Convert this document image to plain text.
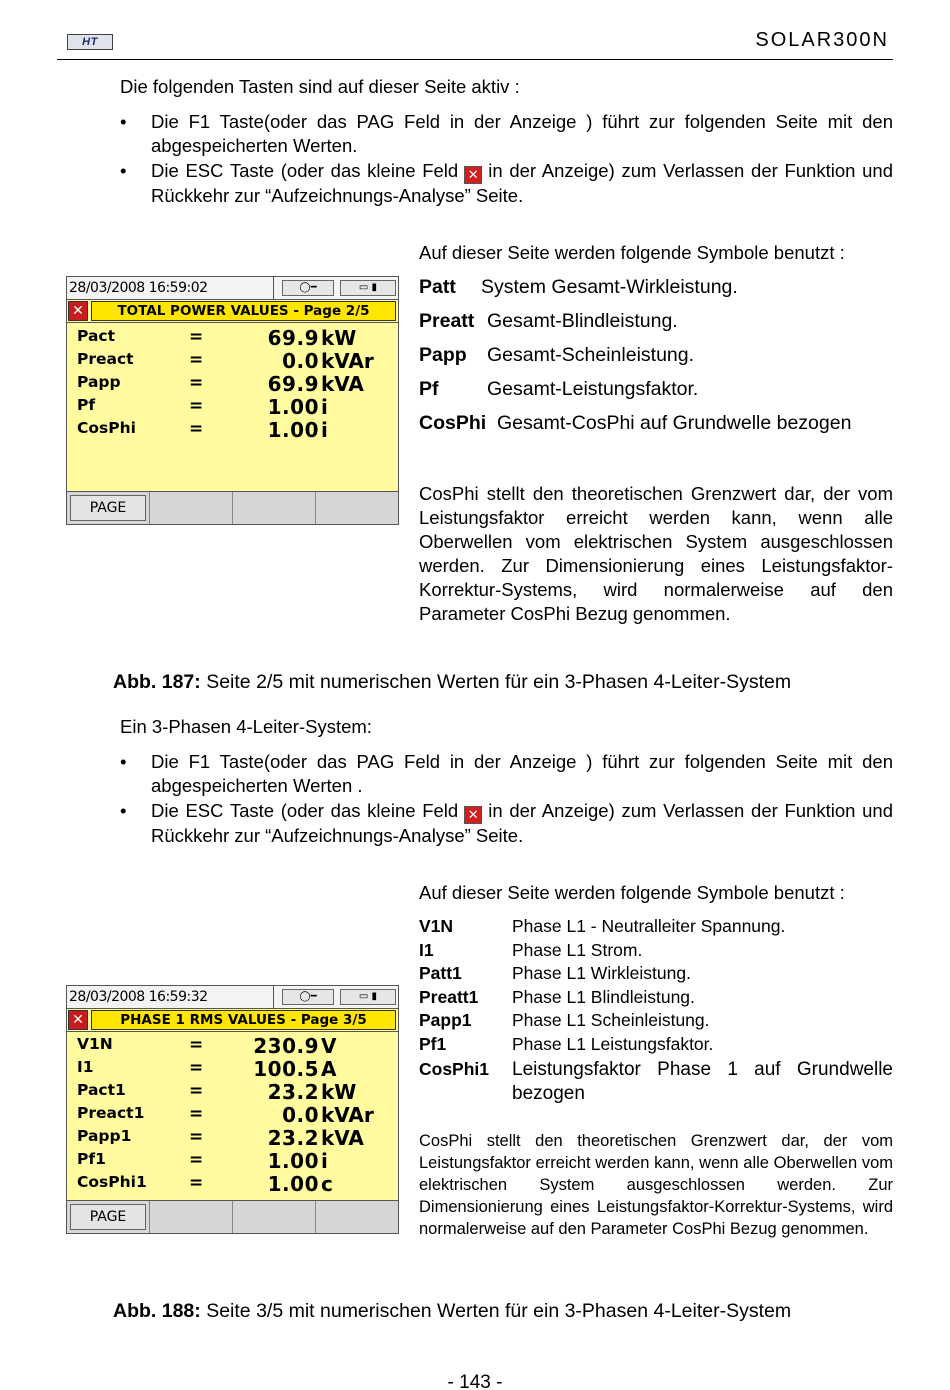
HT	SOLAR300N
Die folgenden Tasten sind auf dieser Seite aktiv :
• Die F1 Taste(oder das PAG Feld in der Anzeige ) führt zur folgenden Seite mit den abgespeicherten Werten.
• Die ESC Taste (oder das kleine Feld ✕ in der Anzeige) zum Verlassen der Funktion und Rückkehr zur “Aufzeichnungs-Analyse” Seite.
Auf dieser Seite werden folgende Symbole benutzt :
Patt	System Gesamt-Wirkleistung.
Preatt Gesamt-Blindleistung.
Papp	Gesamt-Scheinleistung.
Pf	Gesamt-Leistungsfaktor.
CosPhi Gesamt-CosPhi auf Grundwelle bezogen
CosPhi stellt den theoretischen Grenzwert dar, der vom Leistungsfaktor erreicht werden kann, wenn alle Oberwellen vom elektrischen System ausgeschlossen werden. Zur Dimensionierung eines Leistungsfaktor- Korrektur-Systems, wird normalerweise auf den Parameter CosPhi Bezug genommen.
28/03/2008 16:59:02	◯━	▭ ▮
✕	TOTAL POWER VALUES - Page 2/5
Pact	=	69.9 kW
Preact	=	0.0 kVAr
Papp	=	69.9 kVA
Pf	=	1.00 i
CosPhi	=	1.00 i
PAGE
Abb. 187: Seite 2/5 mit numerischen Werten für ein 3-Phasen 4-Leiter-System
Ein 3-Phasen 4-Leiter-System:
• Die F1 Taste(oder das PAG Feld in der Anzeige ) führt zur folgenden Seite mit den abgespeicherten Werten .
• Die ESC Taste (oder das kleine Feld ✕ in der Anzeige) zum Verlassen der Funktion und Rückkehr zur “Aufzeichnungs-Analyse” Seite.
Auf dieser Seite werden folgende Symbole benutzt :
V1N	Phase L1 - Neutralleiter Spannung.
I1	Phase L1 Strom.
Patt1	Phase L1 Wirkleistung.
Preatt1	Phase L1 Blindleistung.
Papp1	Phase L1 Scheinleistung.
Pf1	Phase L1 Leistungsfaktor.
CosPhi1	Leistungsfaktor Phase 1 auf Grundwelle bezogen
CosPhi stellt den theoretischen Grenzwert dar, der vom Leistungsfaktor erreicht werden kann, wenn alle Oberwellen vom elektrischen System ausgeschlossen werden. Zur Dimensionierung eines Leistungsfaktor-Korrektur-Systems, wird normalerweise auf den Parameter CosPhi Bezug genommen.
28/03/2008 16:59:32	◯━	▭ ▮
✕	PHASE 1 RMS VALUES - Page 3/5
V1N	=	230.9 V
I1	=	100.5 A
Pact1	=	23.2 kW
Preact1	=	0.0 kVAr
Papp1	=	23.2 kVA
Pf1	=	1.00 i
CosPhi1 =	1.00 c
PAGE
Abb. 188: Seite 3/5 mit numerischen Werten für ein 3-Phasen 4-Leiter-System
- 143 -
